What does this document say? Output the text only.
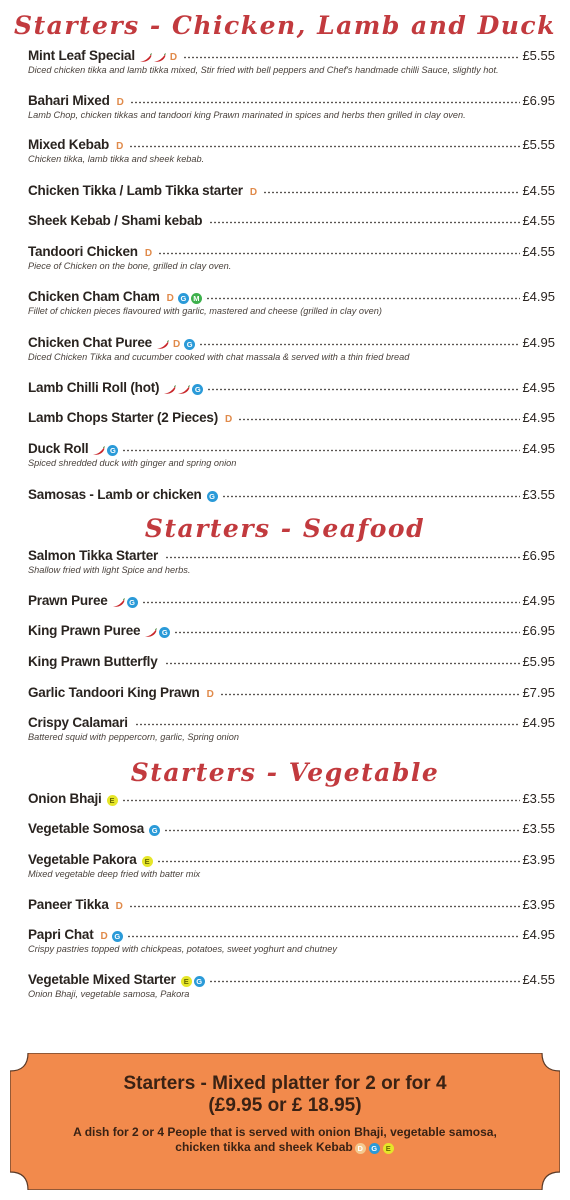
Starters - Chicken, Lamb and Duck
Starters - Seafood
Starters - Vegetable
Mint Leaf Special	D	£5.55
Diced chicken tikka and lamb tikka mixed, Stir fried with bell peppers and Chef's handmade chilli Sauce, slightly hot.
Bahari Mixed D	£6.95
Lamb Chop, chicken tikkas and tandoori king Prawn marinated in spices and herbs then grilled in clay oven.
Mixed Kebab D	£5.55
Chicken tikka, lamb tikka and sheek kebab.
Chicken Tikka / Lamb Tikka starter D	£4.55
Sheek Kebab / Shami kebab	£4.55
Tandoori Chicken D	£4.55
Piece of Chicken on the bone, grilled in clay oven.
Chicken Cham Cham D G M	£4.95
Fillet of chicken pieces flavoured with garlic, mastered and cheese (grilled in clay oven)
Chicken Chat Puree D G	£4.95
Diced Chicken Tikka and cucumber cooked with chat massala & served with a thin fried bread
Lamb Chilli Roll (hot)	G	£4.95
Lamb Chops Starter (2 Pieces) D	£4.95
Duck Roll	G	£4.95
Spiced shredded duck with ginger and spring onion
Samosas - Lamb or chicken	G	£3.55
Salmon Tikka Starter	£6.95
Shallow fried with light Spice and herbs.
Prawn Puree	G	£4.95
King Prawn Puree	G	£6.95
King Prawn Butterfly	£5.95
Garlic Tandoori King Prawn D	£7.95
Crispy Calamari	£4.95
Battered squid with peppercorn, garlic, Spring onion
Onion Bhaji	E	£3.55
Vegetable Somosa	G	£3.55
Vegetable Pakora	E	£3.95
Mixed vegetable deep fried with batter mix
Paneer Tikka D	£3.95
Papri Chat D G	£4.95
Crispy pastries topped with chickpeas, potatoes, sweet yoghurt and chutney
Vegetable Mixed Starter	E	G	£4.55
Onion Bhaji, vegetable samosa, Pakora
Starters - Mixed platter for 2 or for 4
(£9.95 or £ 18.95)
A dish for 2 or 4 People that is served with onion Bhaji, vegetable samosa,
chicken tikka and sheek Kebab D G E
